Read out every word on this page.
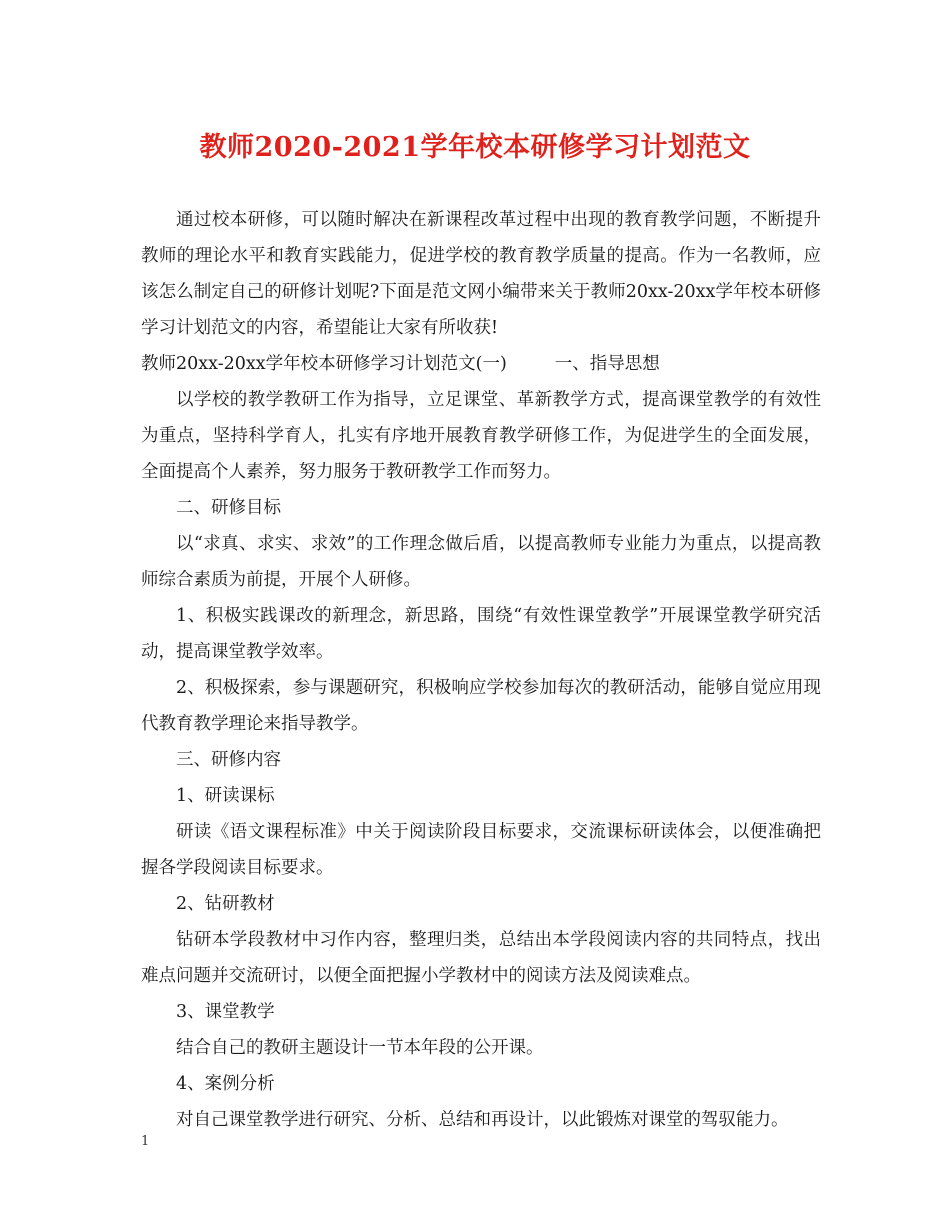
教师2020-2021学年校本研修学习计划范文

通过校本研修，可以随时解决在新课程改革过程中出现的教育教学问题，不断提升教师的理论水平和教育实践能力，促进学校的教育教学质量的提高。作为一名教师，应该怎么制定自己的研修计划呢?下面是范文网小编带来关于教师20xx-20xx学年校本研修学习计划范文的内容，希望能让大家有所收获!

教师20xx-20xx学年校本研修学习计划范文(一)	一、指导思想

以学校的教学教研工作为指导，立足课堂、革新教学方式，提高课堂教学的有效性为重点，坚持科学育人，扎实有序地开展教育教学研修工作，为促进学生的全面发展，全面提高个人素养，努力服务于教研教学工作而努力。

二、研修目标

以“求真、求实、求效”的工作理念做后盾，以提高教师专业能力为重点，以提高教师综合素质为前提，开展个人研修。

1、积极实践课改的新理念，新思路，围绕“有效性课堂教学”开展课堂教学研究活动，提高课堂教学效率。

2、积极探索，参与课题研究，积极响应学校参加每次的教研活动，能够自觉应用现代教育教学理论来指导教学。

三、研修内容

1、研读课标

研读《语文课程标准》中关于阅读阶段目标要求，交流课标研读体会，以便准确把握各学段阅读目标要求。

2、钻研教材

钻研本学段教材中习作内容，整理归类，总结出本学段阅读内容的共同特点，找出难点问题并交流研讨，以便全面把握小学教材中的阅读方法及阅读难点。

3、课堂教学

结合自己的教研主题设计一节本年段的公开课。

4、案例分析

对自己课堂教学进行研究、分析、总结和再设计，以此锻炼对课堂的驾驭能力。

1
